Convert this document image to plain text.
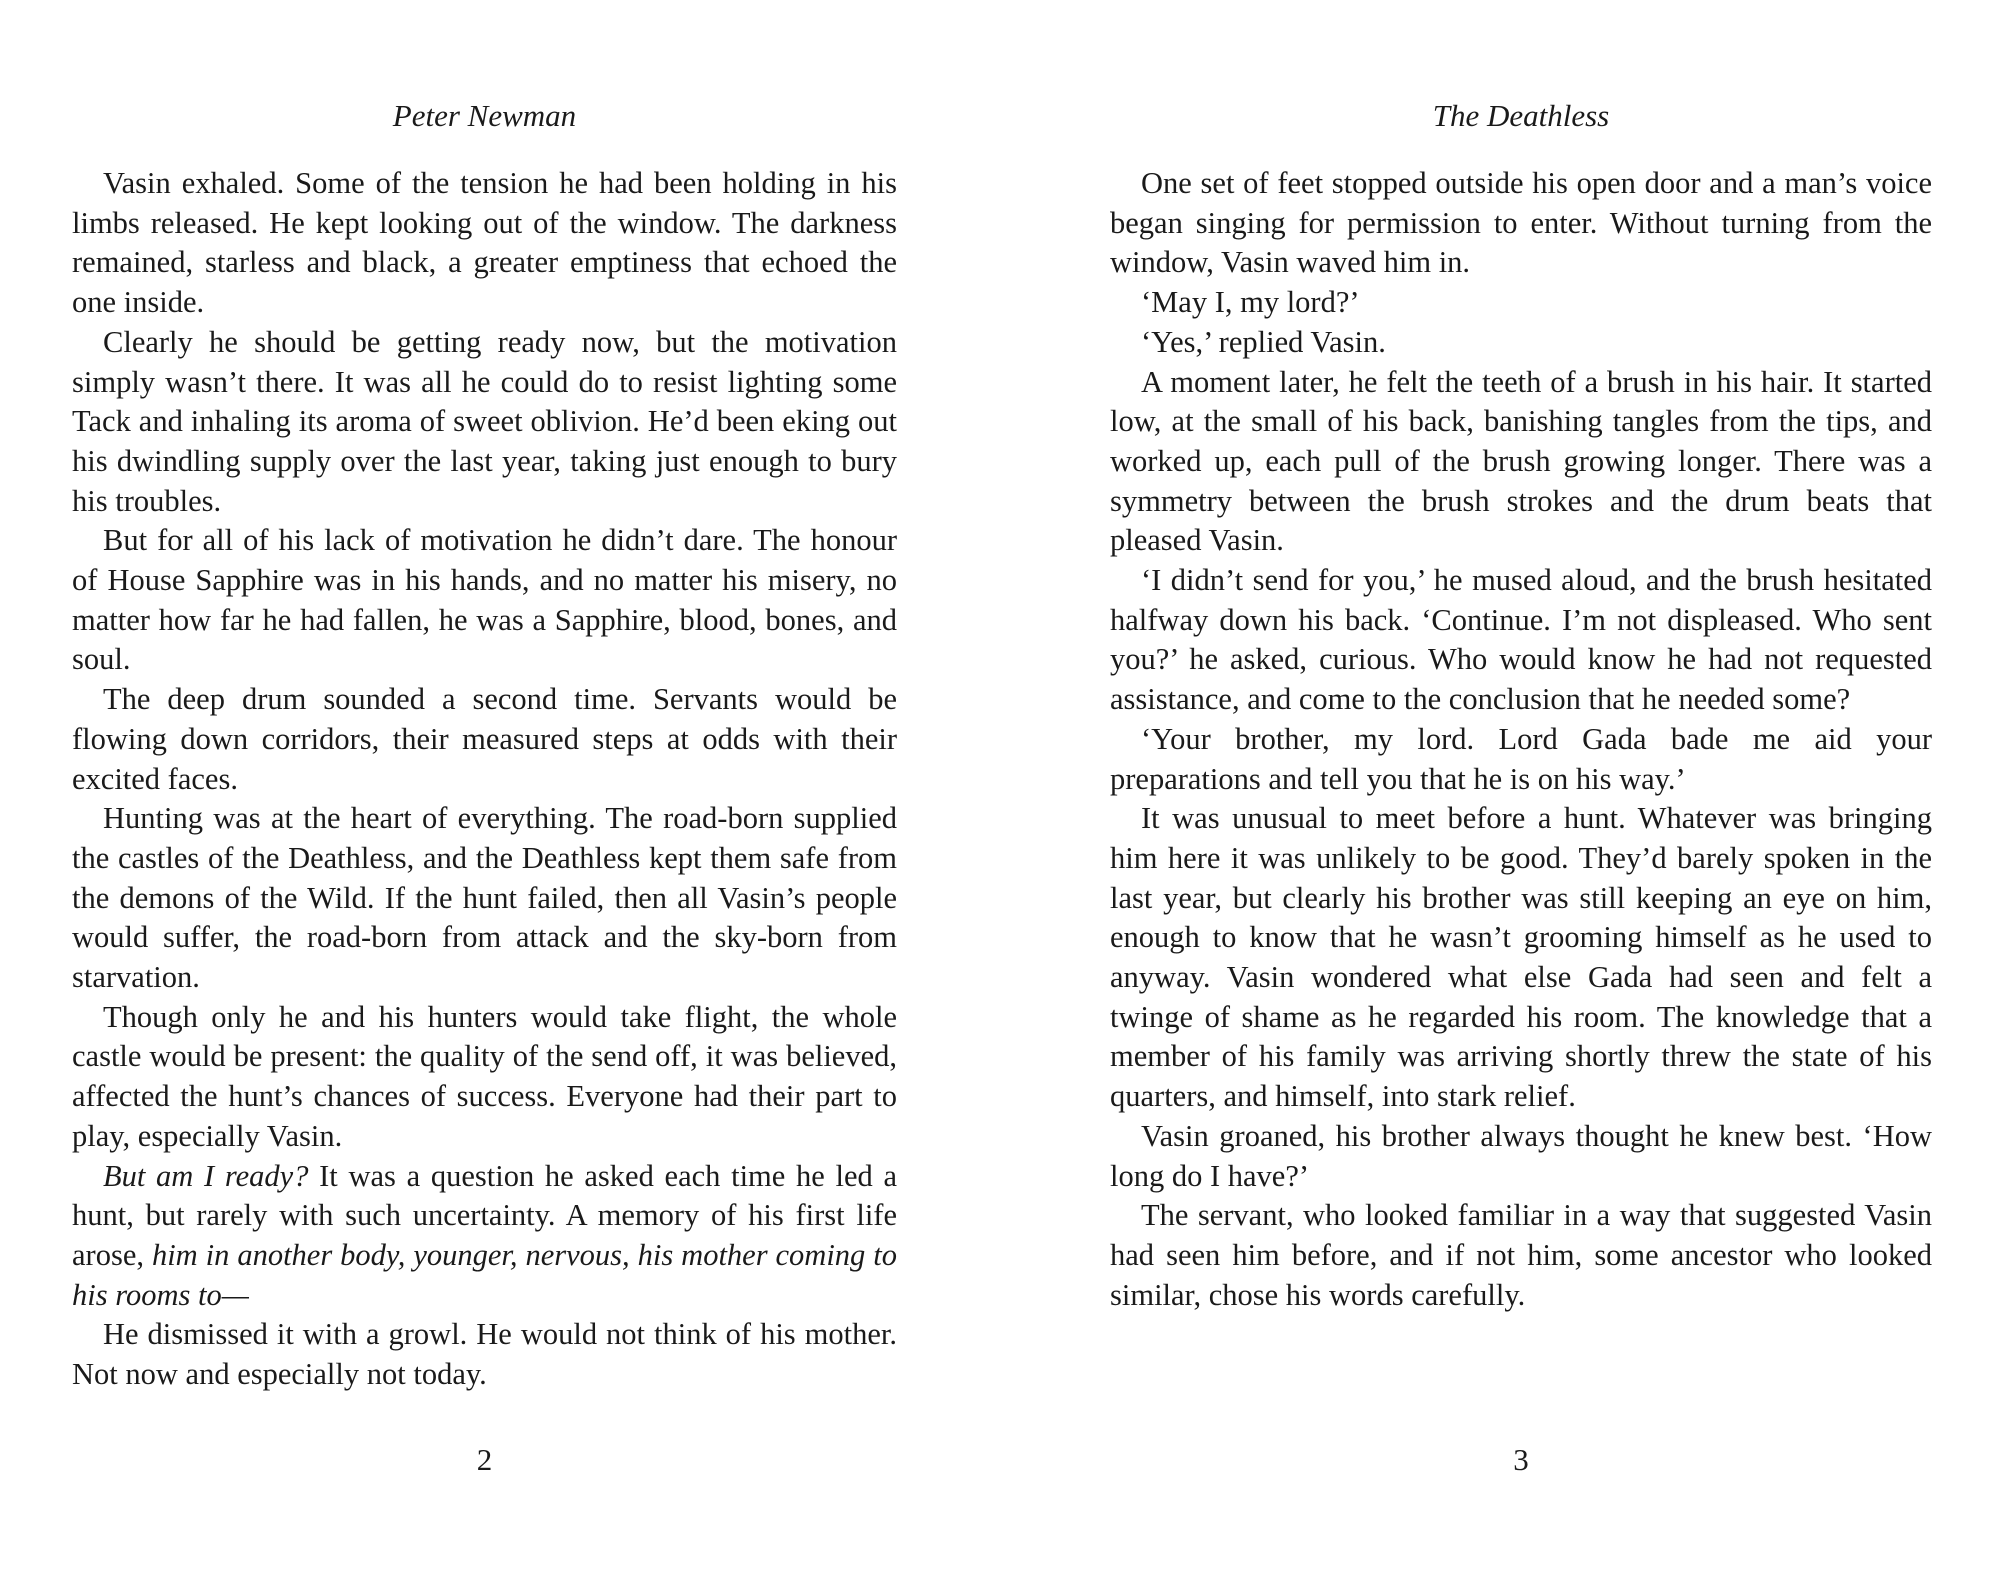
Peter Newman

Vasin exhaled. Some of the tension he had been holding in his limbs released. He kept looking out of the window. The darkness remained, starless and black, a greater emptiness that echoed the one inside.

Clearly he should be getting ready now, but the motivation simply wasn’t there. It was all he could do to resist lighting some Tack and inhaling its aroma of sweet oblivion. He’d been eking out his dwindling supply over the last year, taking just enough to bury his troubles.

But for all of his lack of motivation he didn’t dare. The honour of House Sapphire was in his hands, and no matter his misery, no matter how far he had fallen, he was a Sapphire, blood, bones, and soul.

The deep drum sounded a second time. Servants would be flowing down corridors, their measured steps at odds with their excited faces.

Hunting was at the heart of everything. The road-born supplied the castles of the Deathless, and the Deathless kept them safe from the demons of the Wild. If the hunt failed, then all Vasin’s people would suffer, the road-born from attack and the sky-born from starvation.

Though only he and his hunters would take flight, the whole castle would be present: the quality of the send off, it was believed, affected the hunt’s chances of success. Everyone had their part to play, especially Vasin.

But am I ready? It was a question he asked each time he led a hunt, but rarely with such uncertainty. A memory of his first life arose, him in another body, younger, nervous, his mother coming to his rooms to—

He dismissed it with a growl. He would not think of his mother. Not now and especially not today.

2
The Deathless

One set of feet stopped outside his open door and a man’s voice began singing for permission to enter. Without turning from the window, Vasin waved him in.

‘May I, my lord?’

‘Yes,’ replied Vasin.

A moment later, he felt the teeth of a brush in his hair. It started low, at the small of his back, banishing tangles from the tips, and worked up, each pull of the brush growing longer. There was a symmetry between the brush strokes and the drum beats that pleased Vasin.

‘I didn’t send for you,’ he mused aloud, and the brush hesitated halfway down his back. ‘Continue. I’m not displeased. Who sent you?’ he asked, curious. Who would know he had not requested assistance, and come to the conclusion that he needed some?

‘Your brother, my lord. Lord Gada bade me aid your preparations and tell you that he is on his way.’

It was unusual to meet before a hunt. Whatever was bringing him here it was unlikely to be good. They’d barely spoken in the last year, but clearly his brother was still keeping an eye on him, enough to know that he wasn’t grooming himself as he used to anyway. Vasin wondered what else Gada had seen and felt a twinge of shame as he regarded his room. The knowledge that a member of his family was arriving shortly threw the state of his quarters, and himself, into stark relief.

Vasin groaned, his brother always thought he knew best. ‘How long do I have?’

The servant, who looked familiar in a way that suggested Vasin had seen him before, and if not him, some ancestor who looked similar, chose his words carefully.

3
